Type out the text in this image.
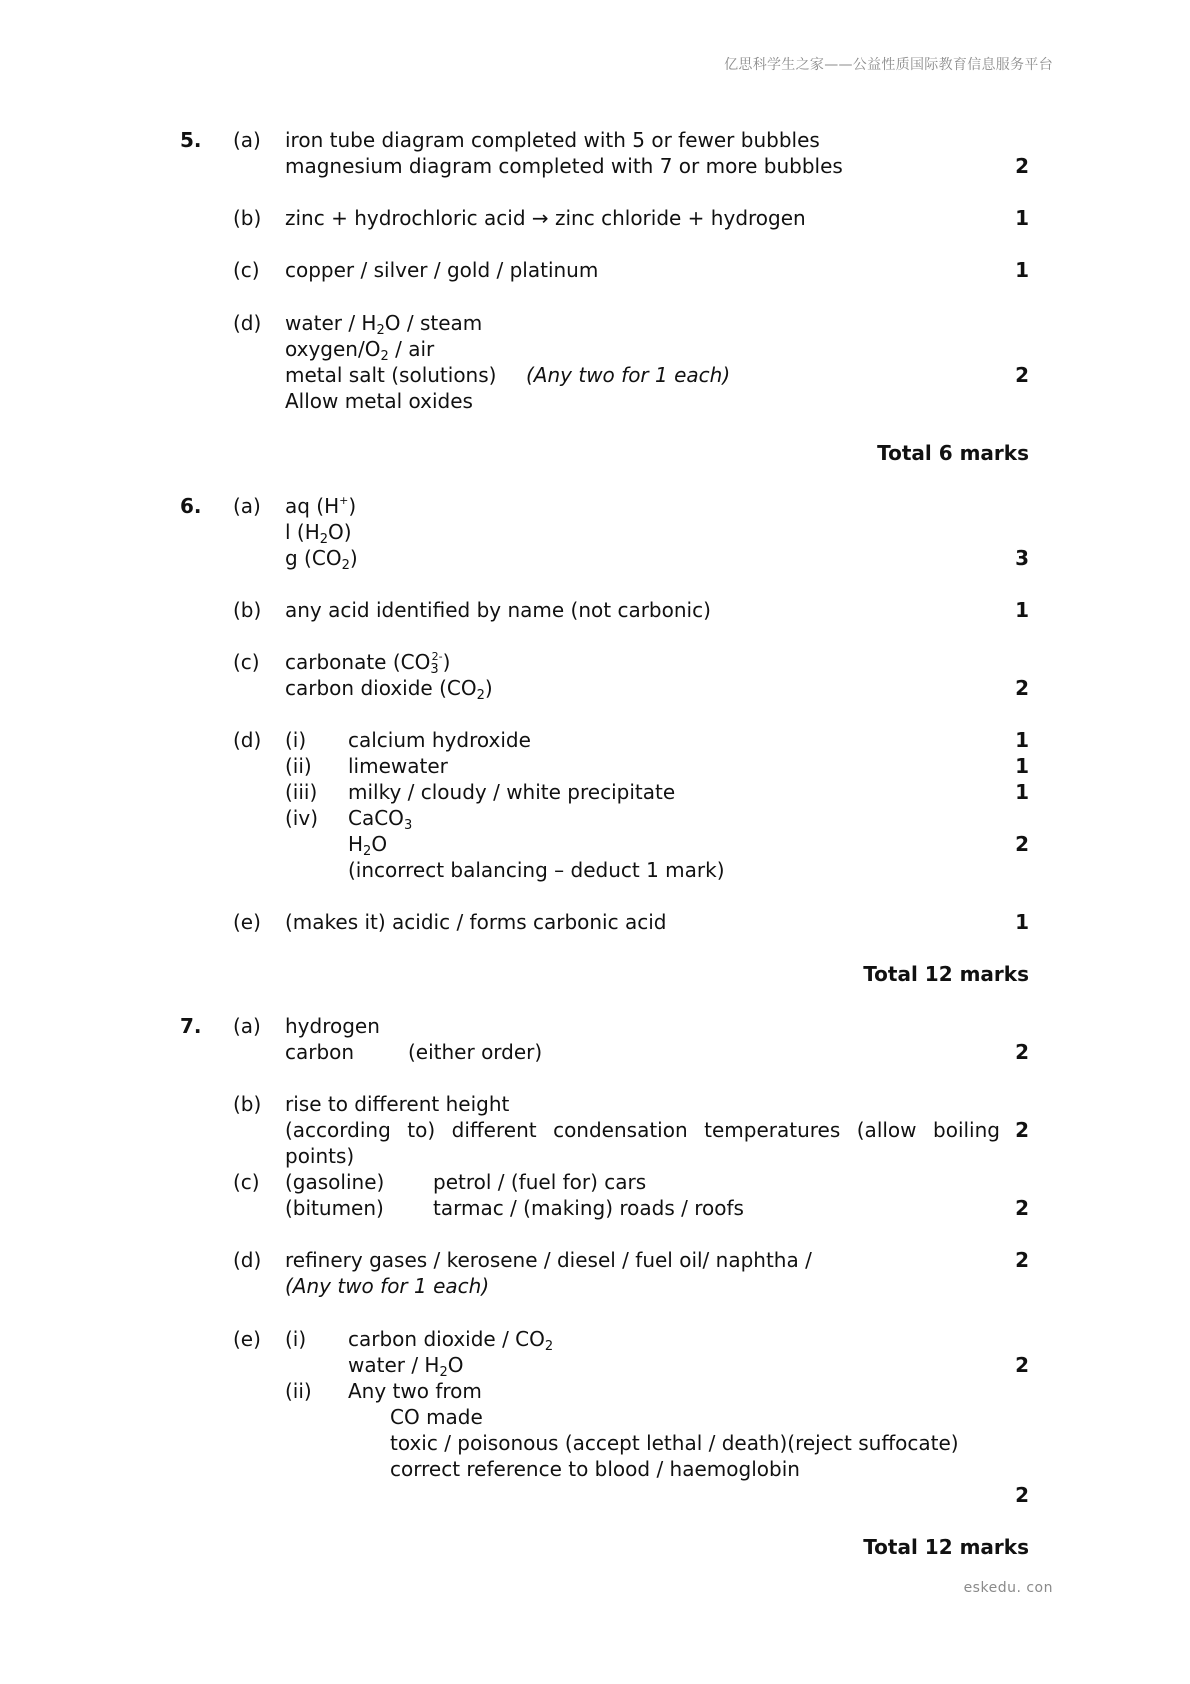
亿思科学生之家——公益性质国际教育信息服务平台
5. (a) iron tube diagram completed with 5 or fewer bubbles
magnesium diagram completed with 7 or more bubbles	2
(b) zinc + hydrochloric acid → zinc chloride + hydrogen	1
(c) copper / silver / gold / platinum	1
(d) water / $H_2O$ / steam
oxygen/$O_2$ / air
metal salt (solutions) (Any two for 1 each)	2
Allow metal oxides
Total 6 marks
6. (a) aq (H+)
l $(H_2O)$
g $(CO_2)$	3
(b) any acid identified by name (not carbonic)	1
(c) carbonate $(CO_3^{2-})$
carbon dioxide $(CO_2)$	2
(d) (i) calcium hydroxide	1
(ii) limewater	1
(iii) milky / cloudy / white precipitate	1
(iv) CaCO$_3$
$H_2O$	2
(incorrect balancing – deduct 1 mark)
(e) (makes it) acidic / forms carbonic acid	1
Total 12 marks
7. (a) hydrogen
carbon	(either order)	2
(b) rise to different height
(according to) different condensation temperatures (allow boiling 2
points)
(c) (gasoline) petrol / (fuel for) cars
(bitumen) tarmac / (making) roads / roofs	2
(d) refinery gases / kerosene / diesel / fuel oil/ naphtha /	2
(Any two for 1 each)
(e) (i) carbon dioxide / $CO_2$
water / $H_2O$	2
(ii) Any two from
CO made
toxic / poisonous (accept lethal / death)(reject suffocate)
correct reference to blood / haemoglobin
2
Total 12 marks
eskedu. con
